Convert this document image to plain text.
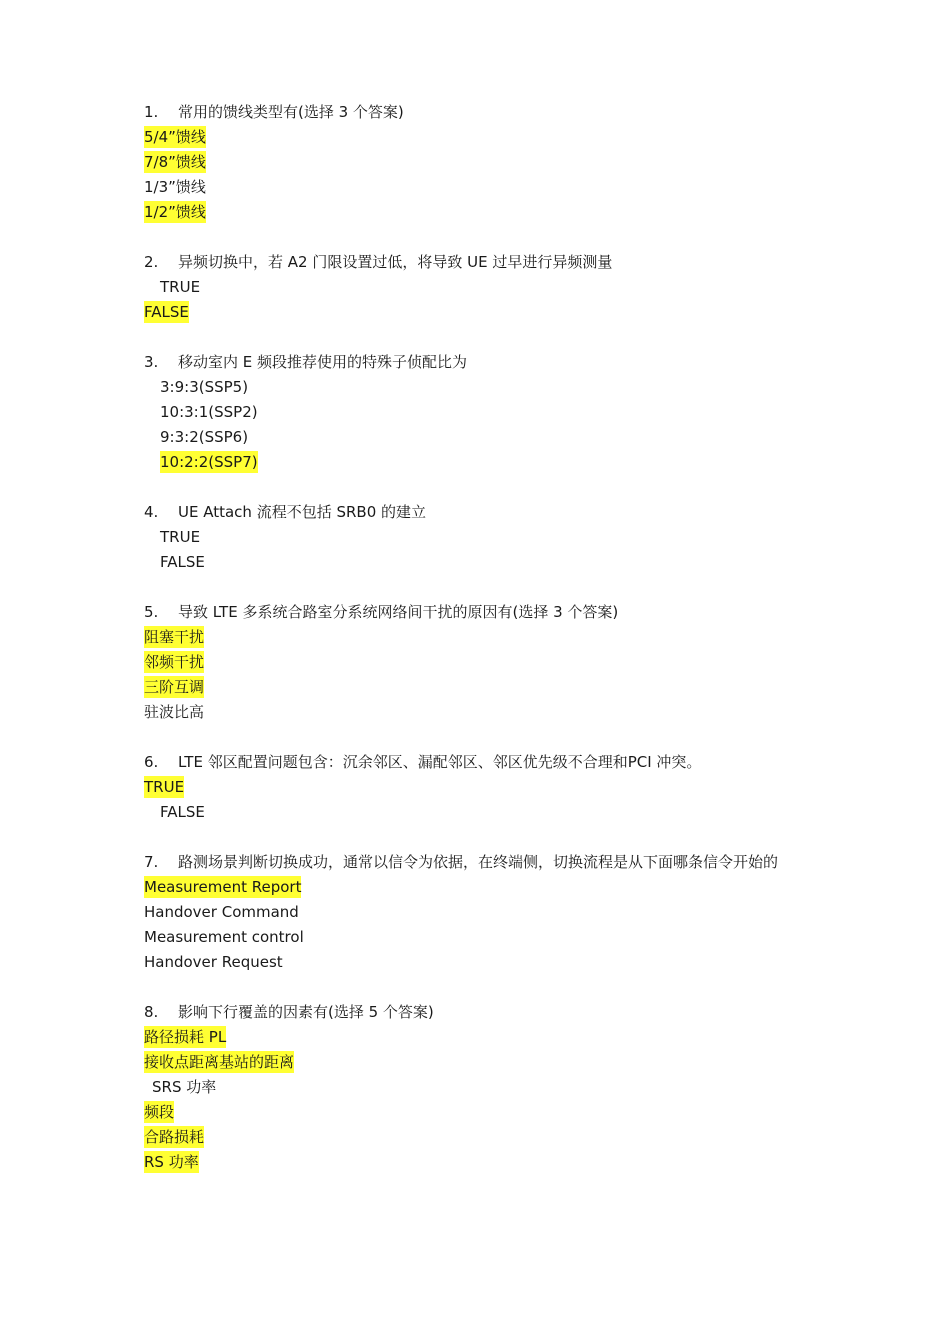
1.	常用的馈线类型有(选择 3 个答案)
5/4”馈线
7/8”馈线
1/3”馈线
1/2”馈线
2.	异频切换中，若 A2 门限设置过低，将导致 UE 过早进行异频测量
TRUE
FALSE
3.	移动室内 E 频段推荐使用的特殊子侦配比为
3:9:3(SSP5)
10:3:1(SSP2)
9:3:2(SSP6)
10:2:2(SSP7)
4.	UE Attach 流程不包括 SRB0 的建立
TRUE
FALSE
5.	导致 LTE 多系统合路室分系统网络间干扰的原因有(选择 3 个答案)
阻塞干扰
邻频干扰
三阶互调
驻波比高
6.	LTE 邻区配置问题包含：沉余邻区、漏配邻区、邻区优先级不合理和PCI 冲突。
TRUE
FALSE
7.	路测场景判断切换成功，通常以信令为依据，在终端侧，切换流程是从下面哪条信令开始的
Measurement Report
Handover Command
Measurement control
Handover Request
8.	影响下行覆盖的因素有(选择 5 个答案)
路径损耗 PL
接收点距离基站的距离
SRS 功率
频段
合路损耗
RS 功率
